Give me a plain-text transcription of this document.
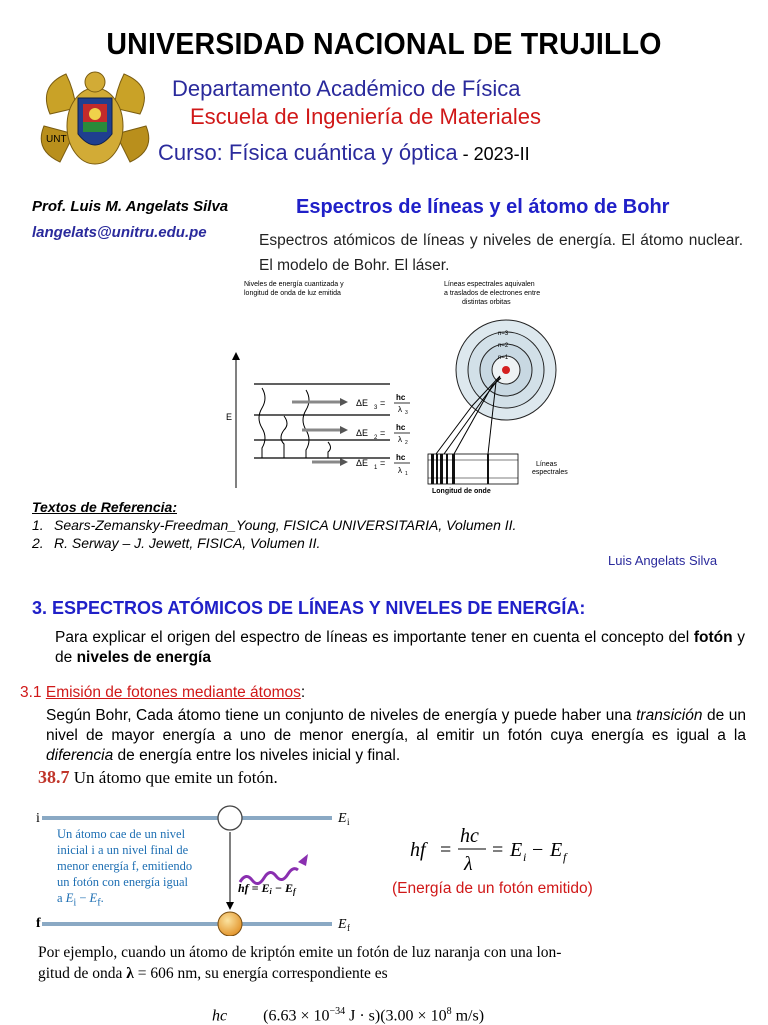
UNIVERSIDAD NACIONAL DE TRUJILLO
UNT
Departamento Académico de Física
Escuela de Ingeniería de Materiales
Curso: Física cuántica y óptica - 2023-II
Prof. Luis M. Angelats Silva
langelats@unitru.edu.pe
Espectros de líneas y el átomo de Bohr
Espectros atómicos de líneas y niveles de energía. El átomo nuclear. El modelo de Bohr. El láser.
Niveles de energía cuantizada y
longitud de onda de luz emitida
Líneas espectrales aquivalen
a traslados de electrones entre
distintas orbitas
E
ΔE 3 =
hc
λ 3
ΔE 2 =
hc
λ 2
ΔE 1 =
hc
λ 1
n=3
n=2
n=1
Líneas
espectrales
Longitud de onde
Textos de Referencia:
1. Sears-Zemansky-Freedman_Young, FISICA UNIVERSITARIA, Volumen II.
2. R. Serway – J. Jewett, FISICA, Volumen II.
Luis Angelats Silva
3. ESPECTROS ATÓMICOS DE LÍNEAS Y NIVELES DE ENERGÍA:
Para explicar el origen del espectro de líneas es importante tener en cuenta el concepto del fotón y de niveles de energía
3.1 Emisión de fotones mediante átomos:
Según Bohr, Cada átomo tiene un conjunto de niveles de energía y puede haber una transición de un nivel de mayor energía a uno de menor energía, al emitir un fotón cuya energía es igual a la diferencia de energía entre los niveles inicial y final.
38.7 Un átomo que emite un fotón.
i
f
E i
E f
hf = Ei − Ef
Un átomo cae de un nivel
inicial i a un nivel final de
menor energía f, emitiendo
un fotón con energía igual
a $E_i - E_f$.
hf =
hc
λ
= E i − E f
(Energía de un fotón emitido)
Por ejemplo, cuando un átomo de kriptón emite un fotón de luz naranja con una lon-
gitud de onda λ = 606 nm, su energía correspondiente es
hc ($6.63 \times 10^{-34}$ $J \cdot s)(3.00 \times 10^8$ m/s)
